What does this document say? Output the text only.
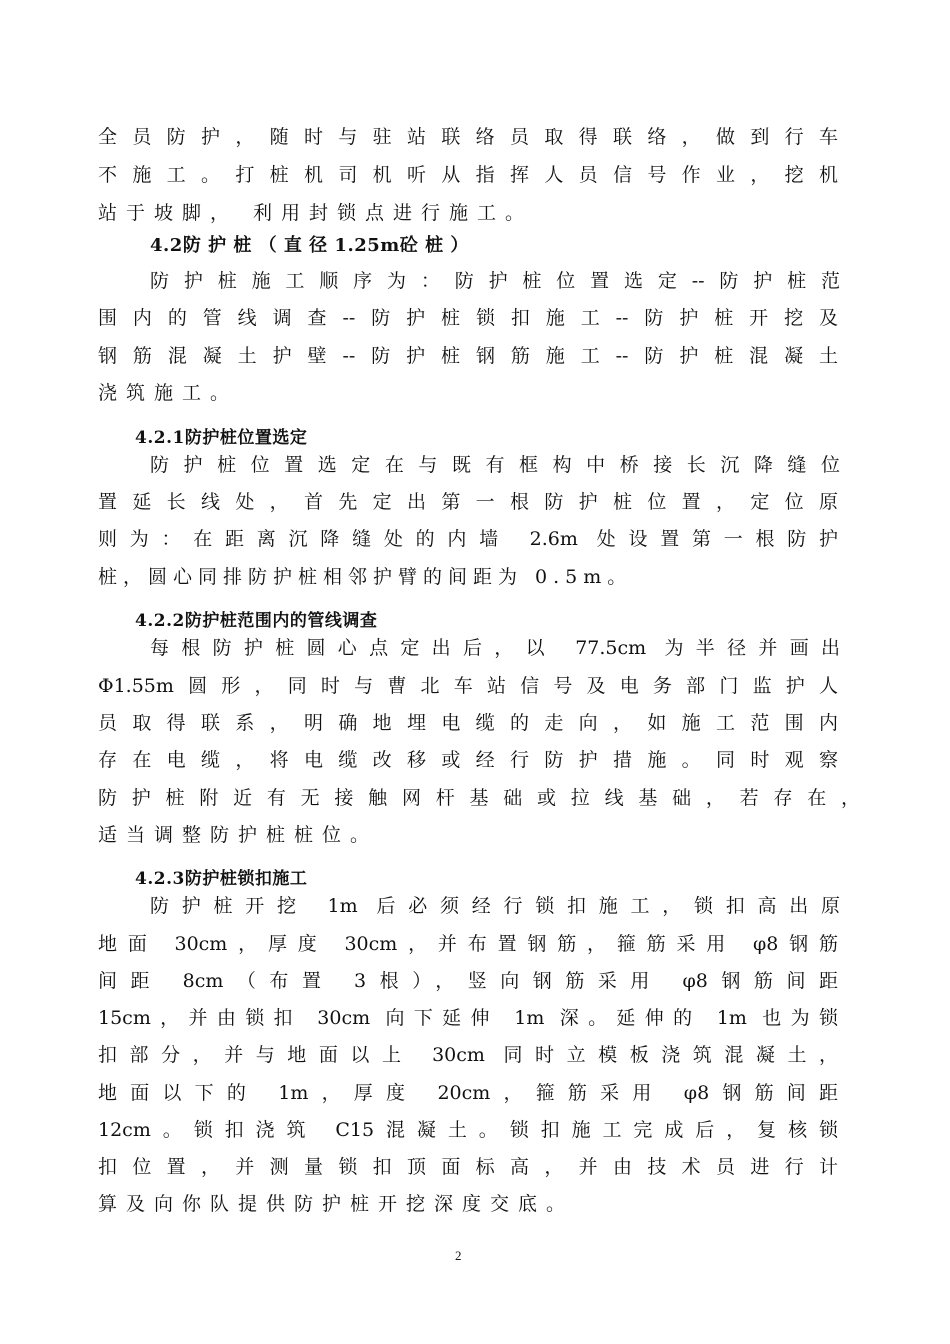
全员防护，随时与驻站联络员取得联络，做到行车
不施工。打桩机司机听从指挥人员信号作业，挖机
站于坡脚， 利用封锁点进行施工。
4.2防 护 桩 （ 直 径 1.25m砼 桩 ）
防护桩施工顺序为：防护桩位置选定--防护桩范
围内的管线调查--防护桩锁扣施工--防护桩开挖及
钢筋混凝土护壁--防护桩钢筋施工--防护桩混凝土
浇筑施工。
4.2.1防护桩位置选定
防护桩位置选定在与既有框构中桥接长沉降缝位
置延长线处，首先定出第一根防护桩位置，定位原
则为：在距离沉降缝处的内墙 2.6m 处设置第一根防护
桩，圆心同排防护桩相邻护臂的间距为 0.5m。
4.2.2防护桩范围内的管线调查
每根防护桩圆心点定出后，以 77.5cm 为半径并画出
Φ1.55m圆形，同时与曹北车站信号及电务部门监护人
员取得联系，明确地埋电缆的走向，如施工范围内
存在电缆，将电缆改移或经行防护措施。同时观察
防护桩附近有无接触网杆基础或拉线基础，若存在，
适当调整防护桩桩位。
4.2.3防护桩锁扣施工
防护桩开挖 1m 后必须经行锁扣施工，锁扣高出原
地面 30cm，厚度 30cm，并布置钢筋，箍筋采用 φ8钢筋
间距 8cm（布置 3根），竖向钢筋采用 φ8钢筋间距
15cm，并由锁扣 30cm 向下延伸 1m 深。延伸的 1m 也为锁
扣部分，并与地面以上 30cm 同时立模板浇筑混凝土，
地面以下的 1m，厚度 20cm，箍筋采用 φ8钢筋间距
12cm。锁扣浇筑 C15混凝土。锁扣施工完成后，复核锁
扣位置，并测量锁扣顶面标高，并由技术员进行计
算及向你队提供防护桩开挖深度交底。
2
